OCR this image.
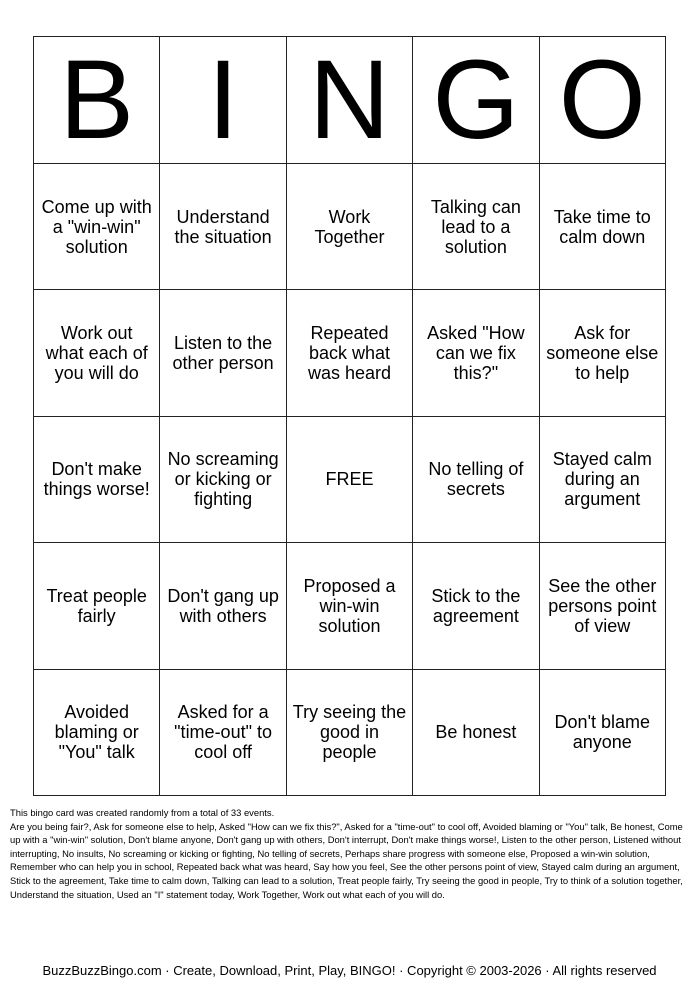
B I N G O
Come up with
a "win-win"
solution
Understand
the situation
Work
Together
Talking can
lead to a
solution
Take time to
calm down
Work out
what each of
you will do
Listen to the
other person
Repeated
back what
was heard
Asked "How
can we fix
this?"
Ask for
someone else
to help
Don't make
things worse!
No screaming
or kicking or
fighting
FREE	No telling of
secrets
Stayed calm
during an
argument
Treat people
fairly
Don't gang up
with others
Proposed a
win-win
solution
Stick to the
agreement
See the other
persons point
of view
Avoided
blaming or
"You" talk
Asked for a
"time-out" to
cool off
Try seeing the
good in
people
Be honest	Don't blame
anyone

This bingo card was created randomly from a total of 33 events.

Are you being fair?, Ask for someone else to help, Asked "How can we fix this?", Asked for a "time-out" to cool off, Avoided blaming or "You" talk, Be honest, Come up with a "win-win" solution, Don't blame anyone, Don't gang up with others, Don't interrupt, Don't make things worse!, Listen to the other person, Listened without interrupting, No insults, No screaming or kicking or fighting, No telling of secrets, Perhaps share progress with someone else, Proposed a win-win solution, Remember who can help you in school, Repeated back what was heard, Say how you feel, See the other persons point of view, Stayed calm during an argument, Stick to the agreement, Take time to calm down, Talking can lead to a solution, Treat people fairly, Try seeing the good in people, Try to think of a solution together, Understand the situation, Used an "I" statement today, Work Together, Work out what each of you will do.

BuzzBuzzBingo.com · Create, Download, Print, Play, BINGO! · Copyright © 2003-2026 · All rights reserved
